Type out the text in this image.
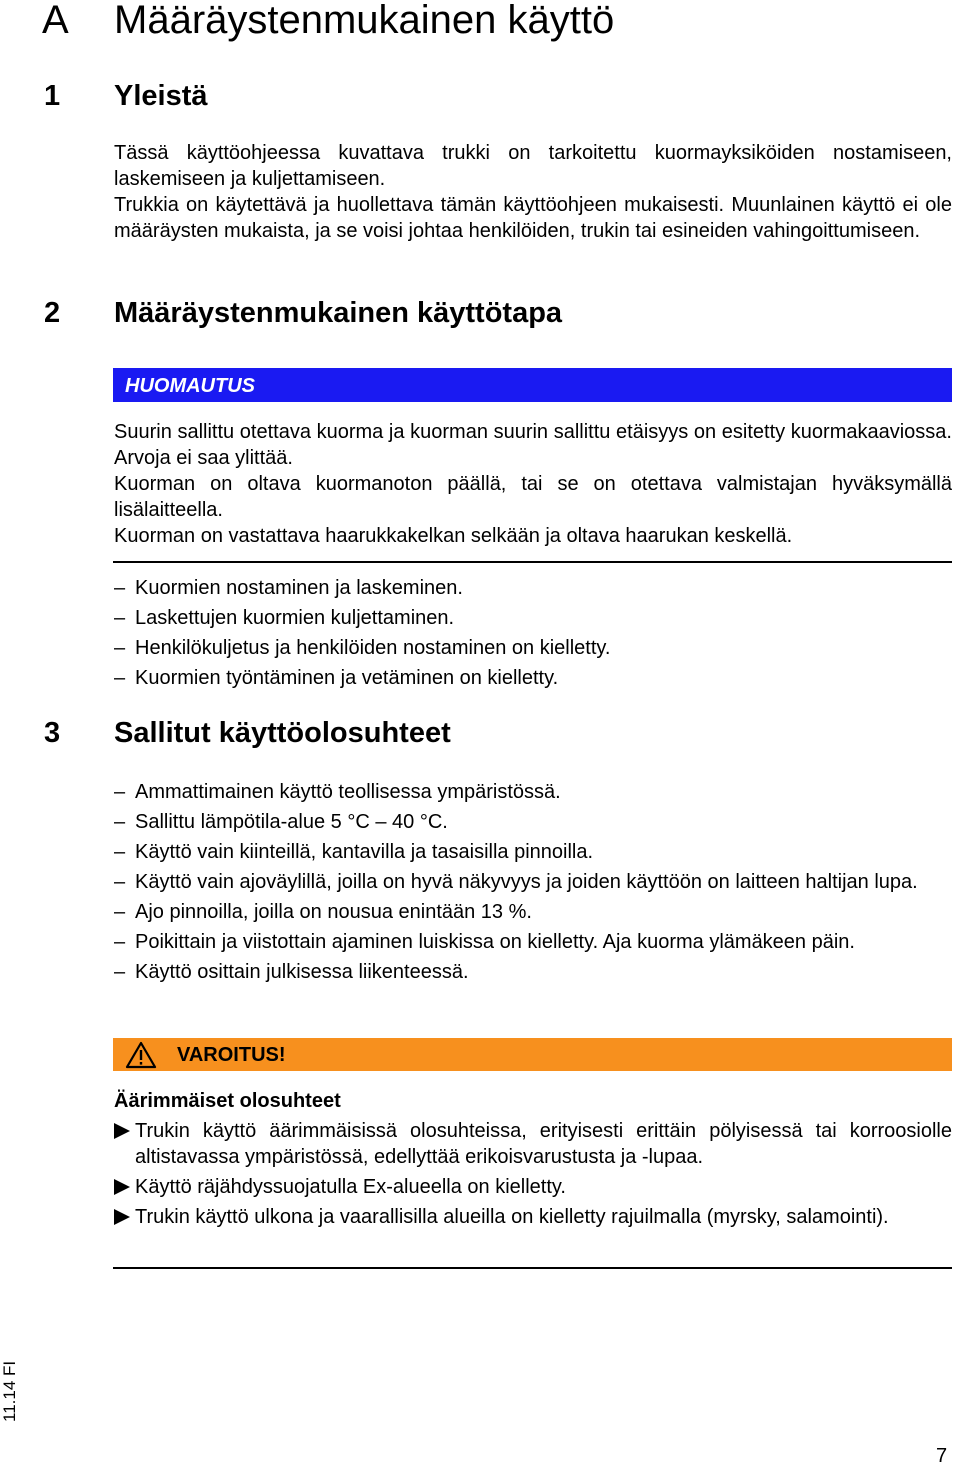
A Määräystenmukainen käyttö
1 Yleistä

Tässä käyttöohjeessa kuvattava trukki on tarkoitettu kuormayksiköiden nostamiseen, laskemiseen ja kuljettamiseen.

Trukkia on käytettävä ja huollettava tämän käyttöohjeen mukaisesti. Muunlainen käyttö ei ole määräysten mukaista, ja se voisi johtaa henkilöiden, trukin tai esineiden vahingoittumiseen.

2 Määräystenmukainen käyttötapa
HUOMAUTUS

Suurin sallittu otettava kuorma ja kuorman suurin sallittu etäisyys on esitetty kuormakaaviossa. Arvoja ei saa ylittää.

Kuorman on oltava kuormanoton päällä, tai se on otettava valmistajan hyväksymällä lisälaitteella.

Kuorman on vastattava haarukkakelkan selkään ja oltava haarukan keskellä.

– Kuormien nostaminen ja laskeminen.
– Laskettujen kuormien kuljettaminen.
– Henkilökuljetus ja henkilöiden nostaminen on kielletty.
– Kuormien työntäminen ja vetäminen on kielletty.
3 Sallitut käyttöolosuhteet
– Ammattimainen käyttö teollisessa ympäristössä.
– Sallittu lämpötila-alue 5 °C – 40 °C.
– Käyttö vain kiinteillä, kantavilla ja tasaisilla pinnoilla.
– Käyttö vain ajoväylillä, joilla on hyvä näkyvyys ja joiden käyttöön on laitteen haltijan lupa.
– Ajo pinnoilla, joilla on nousua enintään 13 %.
– Poikittain ja viistottain ajaminen luiskissa on kielletty. Aja kuorma ylämäkeen päin.
– Käyttö osittain julkisessa liikenteessä.
VAROITUS!
Äärimmäiset olosuhteet
Trukin käyttö äärimmäisissä olosuhteissa, erityisesti erittäin pölyisessä tai korroosiolle altistavassa ympäristössä, edellyttää erikoisvarustusta ja -lupaa.
Käyttö räjähdyssuojatulla Ex-alueella on kielletty.
Trukin käyttö ulkona ja vaarallisilla alueilla on kielletty rajuilmalla (myrsky, salamointi).
11.14 FI
7
